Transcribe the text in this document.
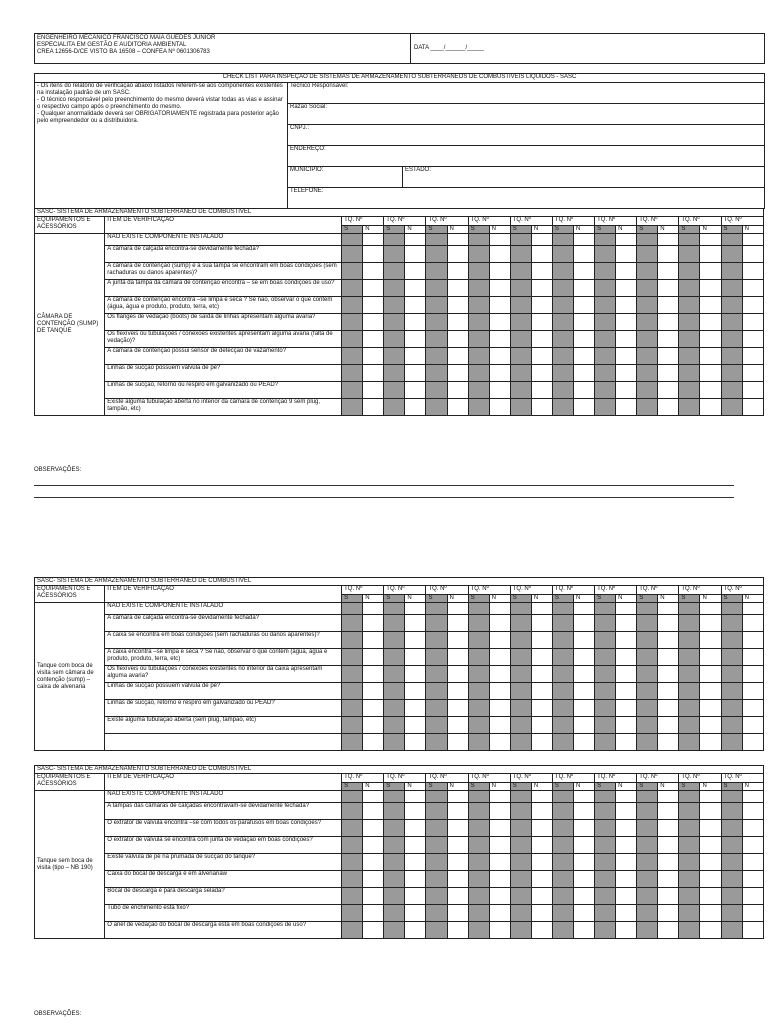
ENGENHEIRO MECÂNICO FRANCISCO MAIA GUEDES JUNIOR
ESPECIALITA EM GESTÃO E AUDITORIA AMBIENTAL
CREA 12656-D/CE VISTO BA 16508 – CONFEA Nº 0601306783
	DATA ____/______/_____
CHECK LIST PARA INSPEÇÃO DE SISTEMAS DE ARMAZENAMENTO SUBTERRÂNEOS DE COMBUSTIVEIS LIQUIDOS - SASC		
- Os itens do relatório de verificação abaixo listados referem-se aos componentes existentes na instalação padrão de um SASC.
- O técnico responsável pelo preenchimento do mesmo deverá vistar todas as vias e assinar o respectivo campo após o preenchimento do mesmo.
- Qualquer anormalidade deverá ser OBRIGATORIAMENTE registrada para posterior ação pelo empreendedor ou a distribuidora.	Tecnico Responsável:	
	Razão Social:	
	CNPJ.:	
	ENDEREÇO:	
	MUNICÍPIO:	ESTADO:
	TELEFONE:	
SASC- SISTEMA DE ARMAZENAMENTO SUBTERRÂNEO DE COMBUSTIVEL																					
EQUIPAMENTOS E ACESSÓRIOS	ITEM DE VERIFICAÇÃO	TQ. Nº		TQ. Nº		TQ. Nº		TQ. Nº		TQ. Nº		TQ. Nº		TQ. Nº		TQ. Nº		TQ. Nº		TQ. Nº	
		S	N	S	N	S	N	S	N	S	N	S	N	S	N	S	N	S	N	S	N
CÂMARA DE CONTENÇÃO (SUMP) DE TANQUE	NÃO EXISTE COMPONENTE INSTALADO																				
	A câmara de calçada encontra-se devidamente fechada?																				
	A câmara de contenção (sump) e a sua tampa se encontram em boas condições (sem rachaduras ou danos aparentes)?																				
	A junta da tampa da câmara de contenção encontra – se em boas condições de uso?																				
	A câmara de contenção encontra –se limpa e seca ? Se não, observar o que contém (água, água e produto, produto, terra, etc)																				
	Os flanges de vedação (boots) de saída de linhas apresentam alguma avaria?																				
	Os flexíveis ou tubulações / conexões existentes apresentam alguma avaria (falta de vedação)?																				
	A câmara de contenção possui sensor de detecção de vazamento?																				
	Linhas de sucção possuem válvula de pé?																				
	Linhas de sucção, retorno ou respiro em galvanizado ou PEAD?																				
	Existe alguma tubulação aberta no interior da câmara de contenção 9 sem plug, tampão, etc)																				
SASC- SISTEMA DE ARMAZENAMENTO SUBTERRÂNEO DE COMBUSTIVEL																					
EQUIPAMENTOS E ACESSÓRIOS	ITEM DE VERIFICAÇÃO	TQ. Nº		TQ. Nº		TQ. Nº		TQ. Nº		TQ. Nº		TQ. Nº		TQ. Nº		TQ. Nº		TQ. Nº		TQ. Nº	
		S	N	S	N	S	N	S	N	S	N	S	N	S	N	S	N	S	N	S	N
Tanque com boca de visita sem câmara de contenção (sump) – caixa de alvenaria	NÃO EXISTE COMPONENTE INSTALADO																				
	A câmara de calçada encontra-se devidamente fechada?																				
	A caixa se encontra em boas condições (sem rachaduras ou danos aparentes)?																				
	A caixa encontra –se limpa e seca ? Se não, observar o que contém (água, água e produto, produto, terra, etc)																				
	Os flexíveis ou tubulações / conexões existentes no interior da caixa apresentam alguma avaria?																				
	Linhas de sucção possuem válvula de pé?																				
	Linhas de sucção, retorno e respiro em galvanizado ou PEAD?																				
	Existe alguma tubulação aberta (sem plug, tampão, etc)																				

SASC- SISTEMA DE ARMAZENAMENTO SUBTERRÂNEO DE COMBUSTIVEL																					
EQUIPAMENTOS E ACESSÓRIOS	ITEM DE VERIFICAÇÃO	TQ. Nº		TQ. Nº		TQ. Nº		TQ. Nº		TQ. Nº		TQ. Nº		TQ. Nº		TQ. Nº		TQ. Nº		TQ. Nº	
		S	N	S	N	S	N	S	N	S	N	S	N	S	N	S	N	S	N	S	N
Tanque sem boca de visita (tipo – NB 190)	NÃO EXISTE COMPONENTE INSTALADO																				
	A tampas das câmaras de calçadas encontravam-se devidamente fechada?																				
	O extrator de válvula encontra –se com todos os parafusos em boas condições?																				
	O extrator de válvula se encontra com junta de vedação em boas condições?																				
	Existe válvula de pé na prumada de sucção do tanque?																				
	Caixa do bocal de descarga é em alvenariaw																				
	Bocal de descarga é para descarga selada?																				
	Tubo de enchimento está fixo?																				
	O anel de vedação do bocal de descarga está em boas condições de uso?																				
OBSERVAÇÕES:
OBSERVAÇÕES:
